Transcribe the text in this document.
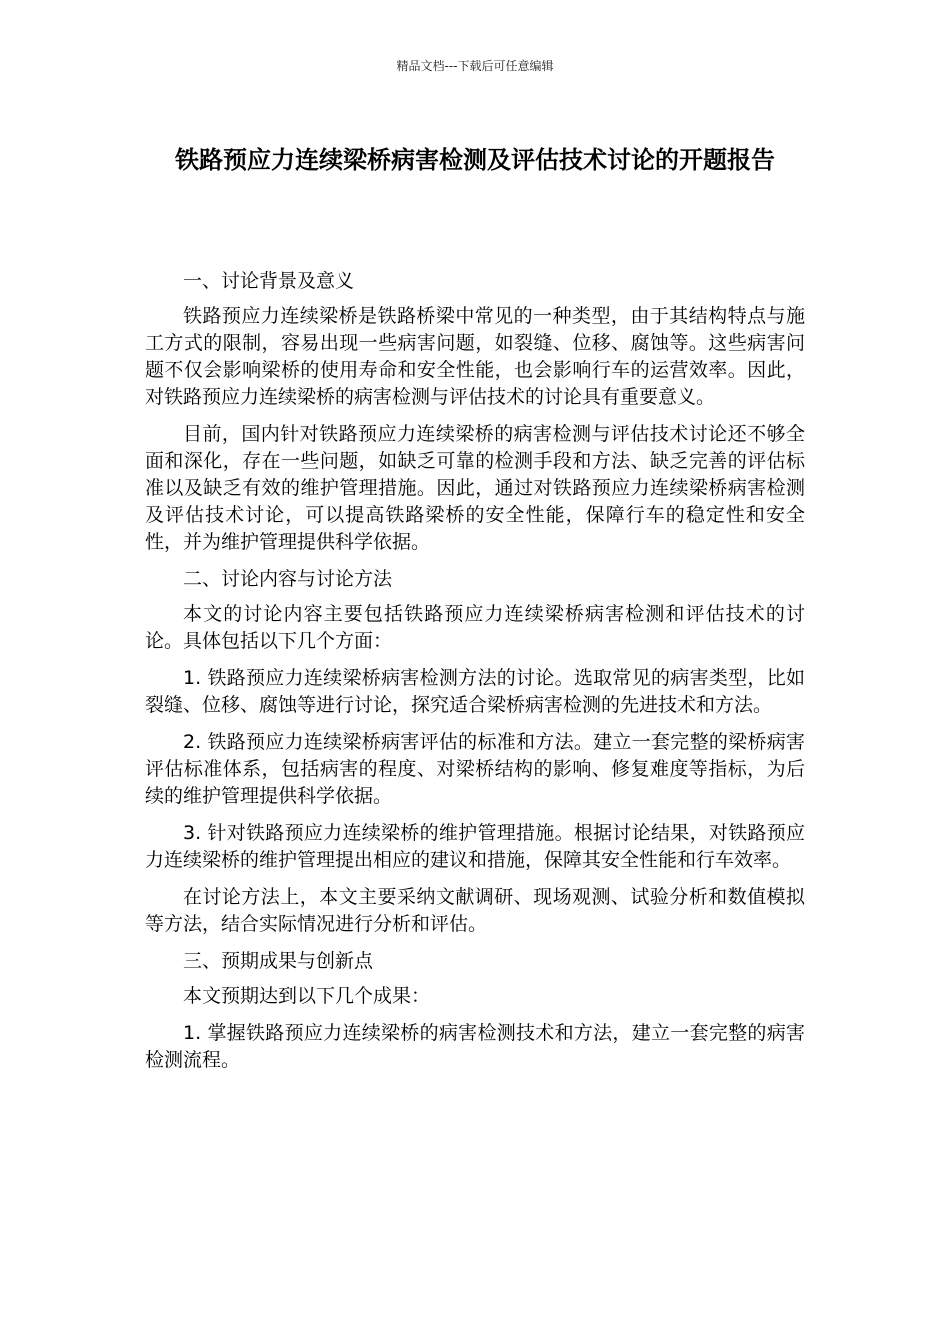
精品文档---下载后可任意编辑
铁路预应力连续梁桥病害检测及评估技术讨论的开题报告

一、讨论背景及意义

铁路预应力连续梁桥是铁路桥梁中常见的一种类型，由于其结构特点与施工方式的限制，容易出现一些病害问题，如裂缝、位移、腐蚀等。这些病害问题不仅会影响梁桥的使用寿命和安全性能，也会影响行车的运营效率。因此，对铁路预应力连续梁桥的病害检测与评估技术的讨论具有重要意义。

目前，国内针对铁路预应力连续梁桥的病害检测与评估技术讨论还不够全面和深化，存在一些问题，如缺乏可靠的检测手段和方法、缺乏完善的评估标准以及缺乏有效的维护管理措施。因此，通过对铁路预应力连续梁桥病害检测及评估技术讨论，可以提高铁路梁桥的安全性能，保障行车的稳定性和安全性，并为维护管理提供科学依据。

二、讨论内容与讨论方法

本文的讨论内容主要包括铁路预应力连续梁桥病害检测和评估技术的讨论。具体包括以下几个方面：

1. 铁路预应力连续梁桥病害检测方法的讨论。选取常见的病害类型，比如裂缝、位移、腐蚀等进行讨论，探究适合梁桥病害检测的先进技术和方法。

2. 铁路预应力连续梁桥病害评估的标准和方法。建立一套完整的梁桥病害评估标准体系，包括病害的程度、对梁桥结构的影响、修复难度等指标，为后续的维护管理提供科学依据。

3. 针对铁路预应力连续梁桥的维护管理措施。根据讨论结果，对铁路预应力连续梁桥的维护管理提出相应的建议和措施，保障其安全性能和行车效率。

在讨论方法上，本文主要采纳文献调研、现场观测、试验分析和数值模拟等方法，结合实际情况进行分析和评估。

三、预期成果与创新点

本文预期达到以下几个成果：

1. 掌握铁路预应力连续梁桥的病害检测技术和方法，建立一套完整的病害检测流程。
